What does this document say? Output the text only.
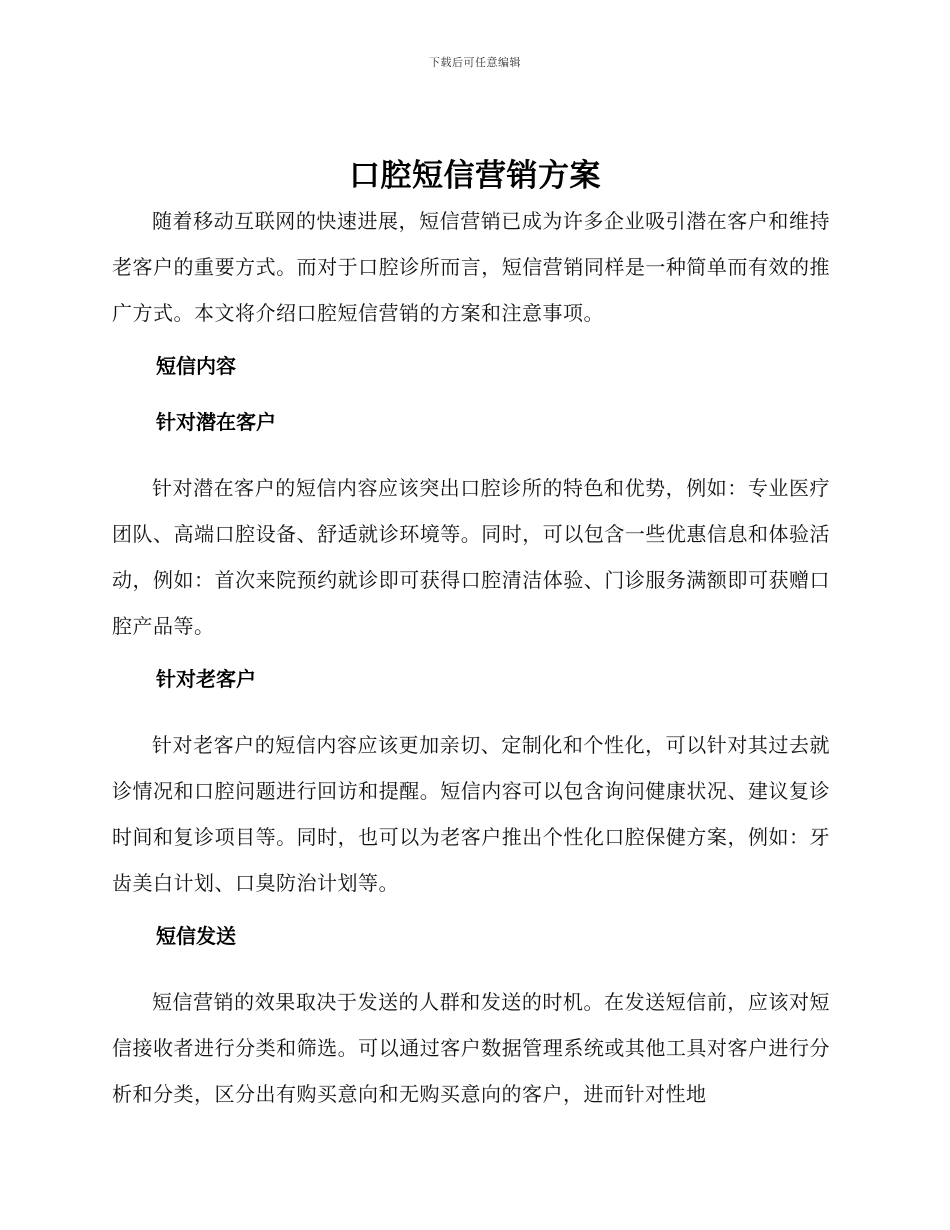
下载后可任意编辑
口腔短信营销方案

随着移动互联网的快速进展，短信营销已成为许多企业吸引潜在客户和维持老客户的重要方式。而对于口腔诊所而言，短信营销同样是一种简单而有效的推广方式。本文将介绍口腔短信营销的方案和注意事项。

短信内容
针对潜在客户

针对潜在客户的短信内容应该突出口腔诊所的特色和优势，例如：专业医疗团队、高端口腔设备、舒适就诊环境等。同时，可以包含一些优惠信息和体验活动，例如：首次来院预约就诊即可获得口腔清洁体验、门诊服务满额即可获赠口腔产品等。

针对老客户

针对老客户的短信内容应该更加亲切、定制化和个性化，可以针对其过去就诊情况和口腔问题进行回访和提醒。短信内容可以包含询问健康状况、建议复诊时间和复诊项目等。同时，也可以为老客户推出个性化口腔保健方案，例如：牙齿美白计划、口臭防治计划等。

短信发送

短信营销的效果取决于发送的人群和发送的时机。在发送短信前，应该对短信接收者进行分类和筛选。可以通过客户数据管理系统或其他工具对客户进行分析和分类，区分出有购买意向和无购买意向的客户，进而针对性地
